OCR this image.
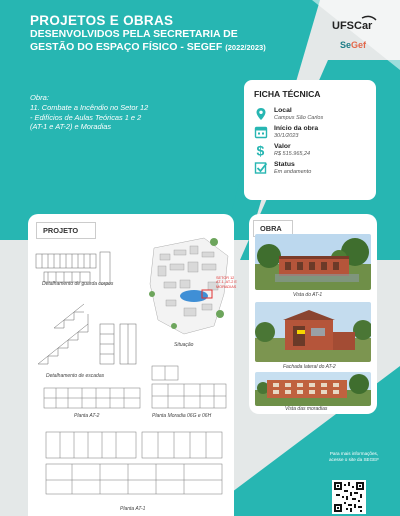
PROJETOS E OBRAS
DESENVOLVIDOS PELA SECRETARIA DE GESTÃO DO ESPAÇO FÍSICO - SEGEF (2022/2023)
UFSCar
SeGef
Obra:
11. Combate a Incêndio no Setor 12
- Edifícios de Aulas Teóricas 1 e 2
(AT-1 e AT-2) e Moradias
FICHA TÉCNICA
Local
Campus São Carlos
Início da obra
30/1/2023
$ Valor
R$ 515.965,24
Status
Em andamento
PROJETO
Detalhamento de guarda corpos
SETOR 12
AT-1, AT-2 E
MORADIAS
Situação
Detalhamento de escadas
Planta AT-2	Planta Moradia 06G e 06H
Planta AT-1
OBRA
Vista do AT-1
Fachada lateral do AT-2
Vista das moradias
Para mais informações, acesse o site da SEGEF
